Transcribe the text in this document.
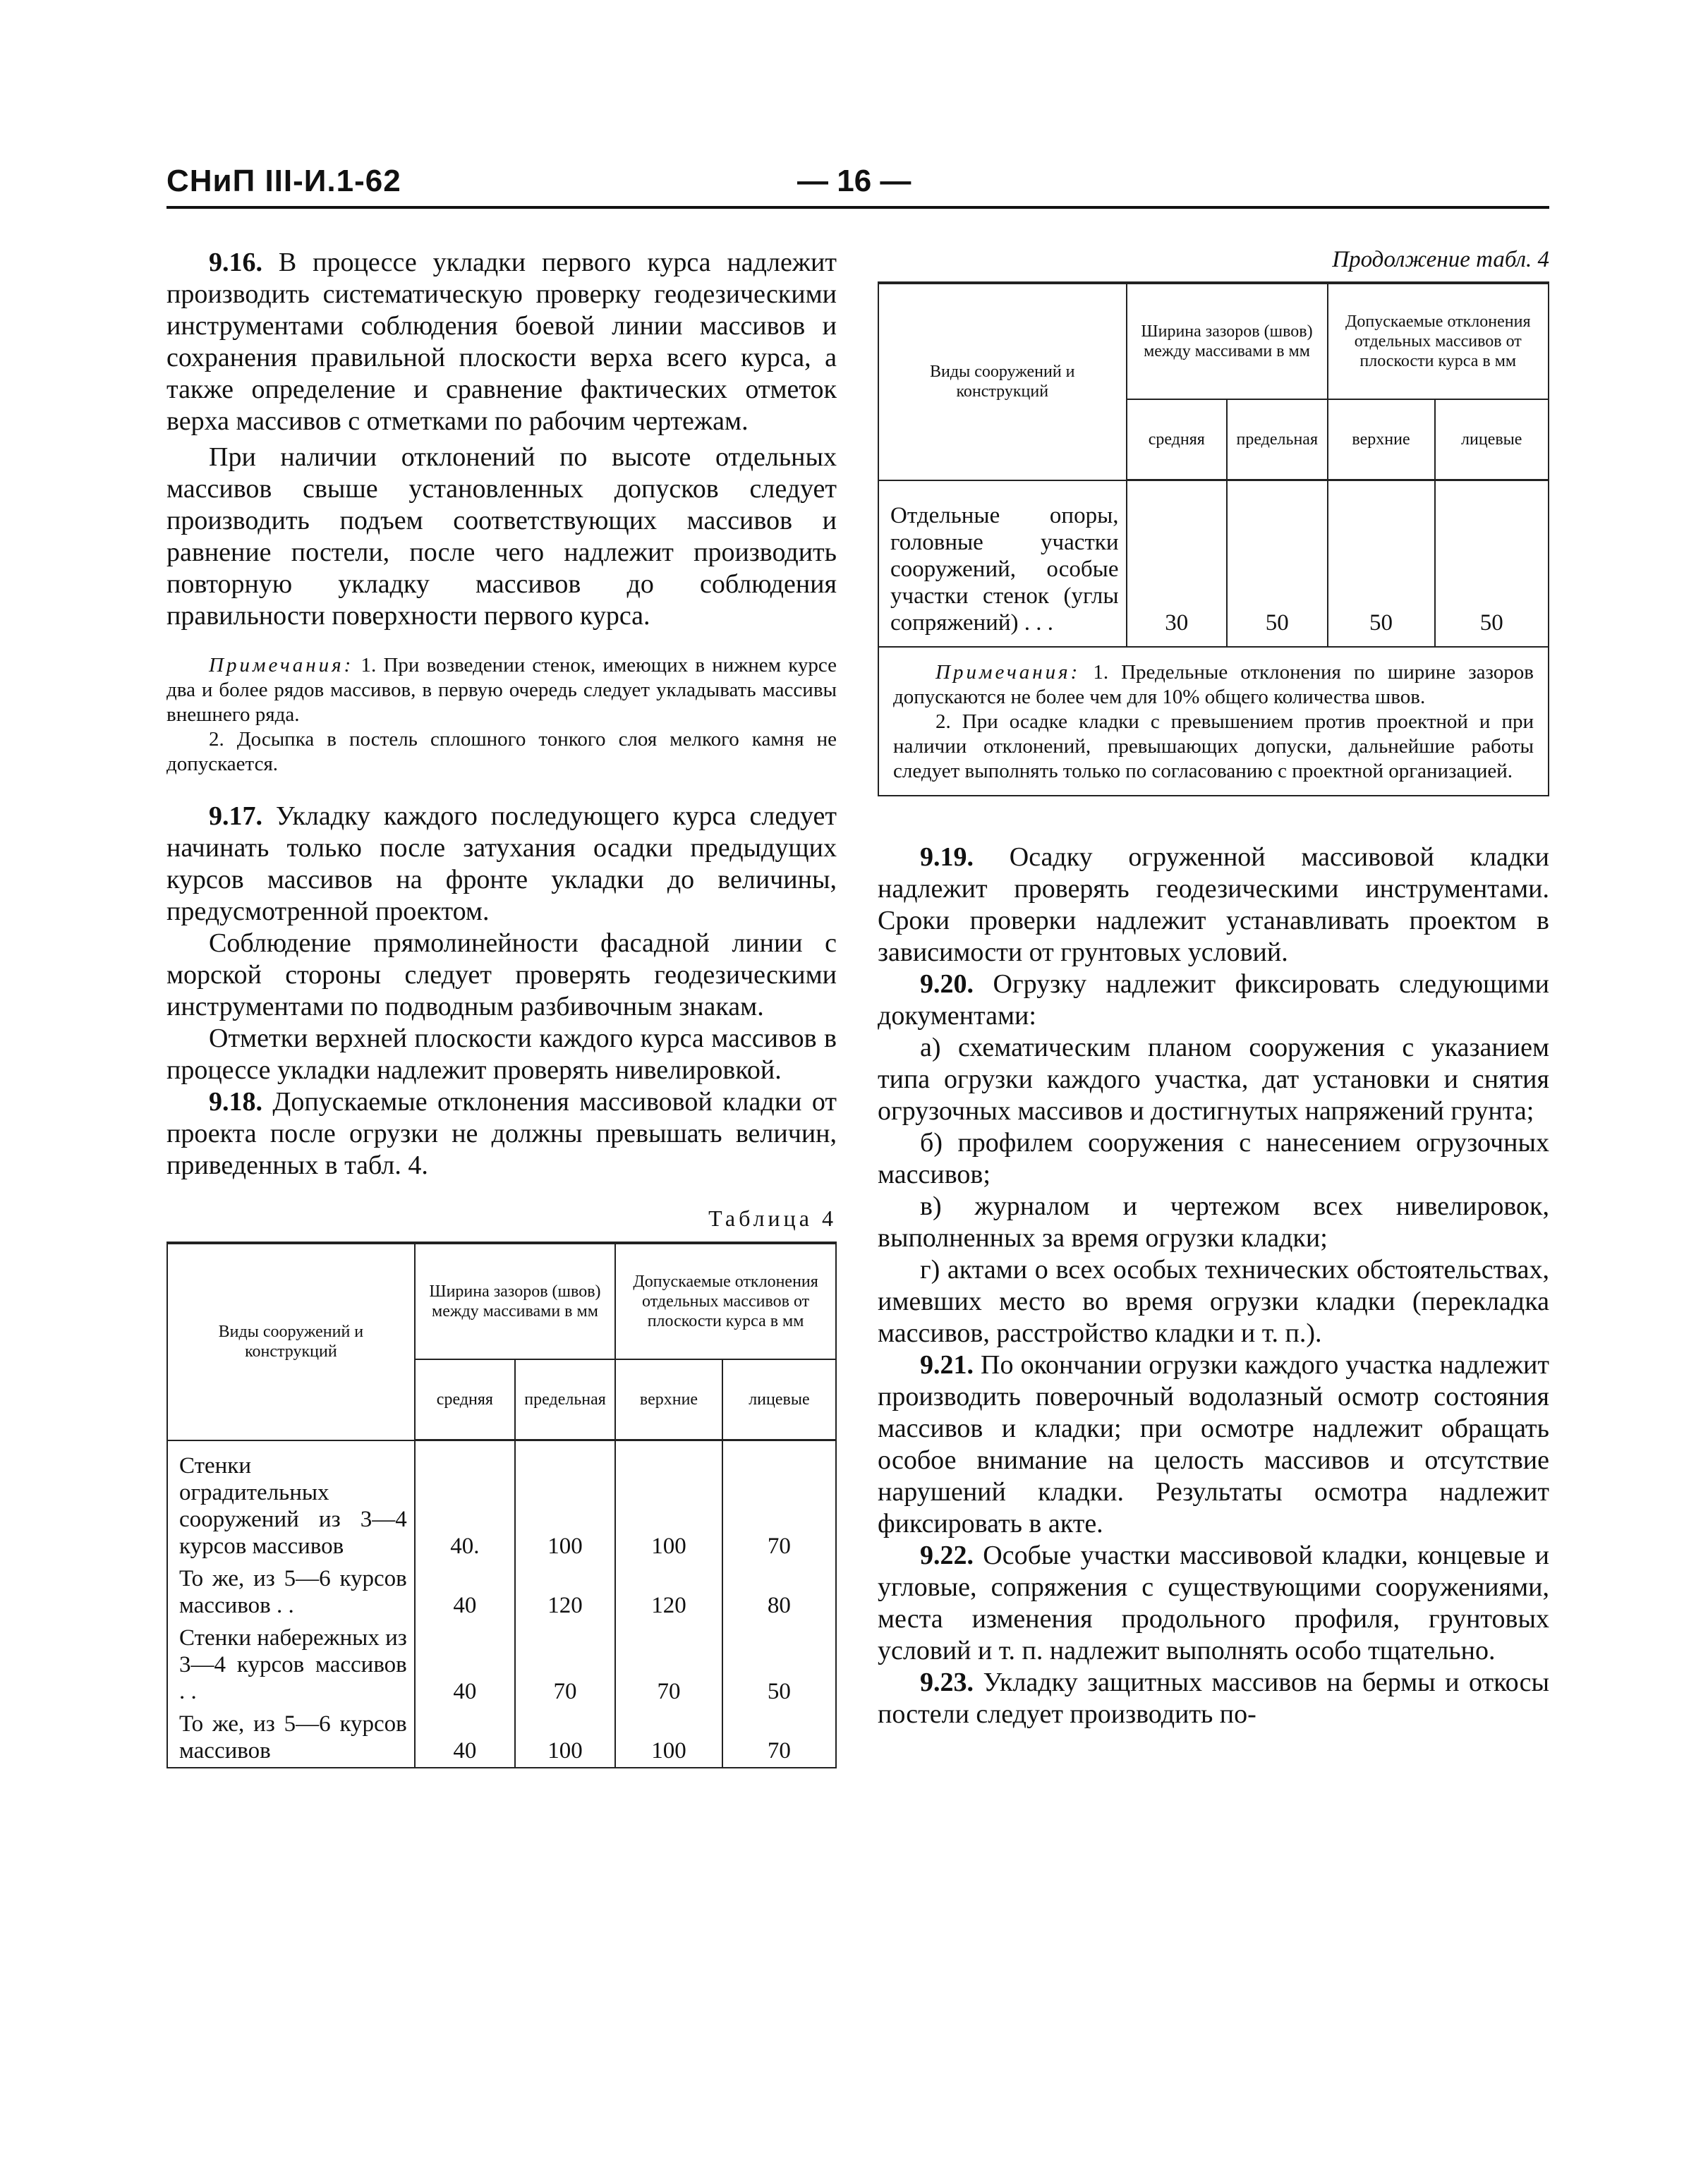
СНиП III-И.1-62	— 16 —

9.16. В процессе укладки первого курса надлежит производить систематическую проверку геодезическими инструментами соблюдения боевой линии массивов и сохранения правильной плоскости верха всего курса, а также определение и сравнение фактических отметок верха массивов с отметками по рабочим чертежам.

При наличии отклонений по высоте отдельных массивов свыше установленных допусков следует производить подъем соответствующих массивов и равнение постели, после чего надлежит производить повторную укладку массивов до соблюдения правильности поверхности первого курса.

Примечания: 1. При возведении стенок, имеющих в нижнем курсе два и более рядов массивов, в первую очередь следует укладывать массивы внешнего ряда.

2. Досыпка в постель сплошного тонкого слоя мелкого камня не допускается.

9.17. Укладку каждого последующего курса следует начинать только после затухания осадки предыдущих курсов массивов на фронте укладки до величины, предусмотренной проектом.

Соблюдение прямолинейности фасадной линии с морской стороны следует проверять геодезическими инструментами по подводным разбивочным знакам.

Отметки верхней плоскости каждого курса массивов в процессе укладки надлежит проверять нивелировкой.

9.18. Допускаемые отклонения массивовой кладки от проекта после огрузки не должны превышать величин, приведенных в табл. 4.

Таблица 4
Виды сооружений и конструкций	Ширина зазоров (швов) между массивами в мм		Допускаемые отклонения отдельных массивов от плоскости курса в мм	
	средняя	предельная	верхние	лицевые
Стенки оградительных сооружений из 3—4 курсов массивов	40.	100	100	70
То же, из 5—6 курсов массивов . .	40	120	120	80
Стенки набережных из 3—4 курсов массивов . .	40	70	70	50
То же, из 5—6 курсов массивов	40	100	100	70
Продолжение табл. 4
Виды сооружений и конструкций	Ширина зазоров (швов) между массивами в мм		Допускаемые отклонения отдельных массивов от плоскости курса в мм	
	средняя	предельная	верхние	лицевые
Отдельные опоры, головные участки сооружений, особые участки стенок (углы сопряжений) . . .	30	50	50	50

Примечания: 1. Предельные отклонения по ширине зазоров допускаются не более чем для 10% общего количества швов.

2. При осадке кладки с превышением против проектной и при наличии отклонений, превышающих допуски, дальнейшие работы следует выполнять только по согласованию с проектной организацией.				

9.19. Осадку огруженной массивовой кладки надлежит проверять геодезическими инструментами. Сроки проверки надлежит устанавливать проектом в зависимости от грунтовых условий.

9.20. Огрузку надлежит фиксировать следующими документами:

а) схематическим планом сооружения с указанием типа огрузки каждого участка, дат установки и снятия огрузочных массивов и достигнутых напряжений грунта;

б) профилем сооружения с нанесением огрузочных массивов;

в) журналом и чертежом всех нивелировок, выполненных за время огрузки кладки;

г) актами о всех особых технических обстоятельствах, имевших место во время огрузки кладки (перекладка массивов, расстройство кладки и т. п.).

9.21. По окончании огрузки каждого участка надлежит производить поверочный водолазный осмотр состояния массивов и кладки; при осмотре надлежит обращать особое внимание на целость массивов и отсутствие нарушений кладки. Результаты осмотра надлежит фиксировать в акте.

9.22. Особые участки массивовой кладки, концевые и угловые, сопряжения с существующими сооружениями, места изменения продольного профиля, грунтовых условий и т. п. надлежит выполнять особо тщательно.

9.23. Укладку защитных массивов на бермы и откосы постели следует производить по-
